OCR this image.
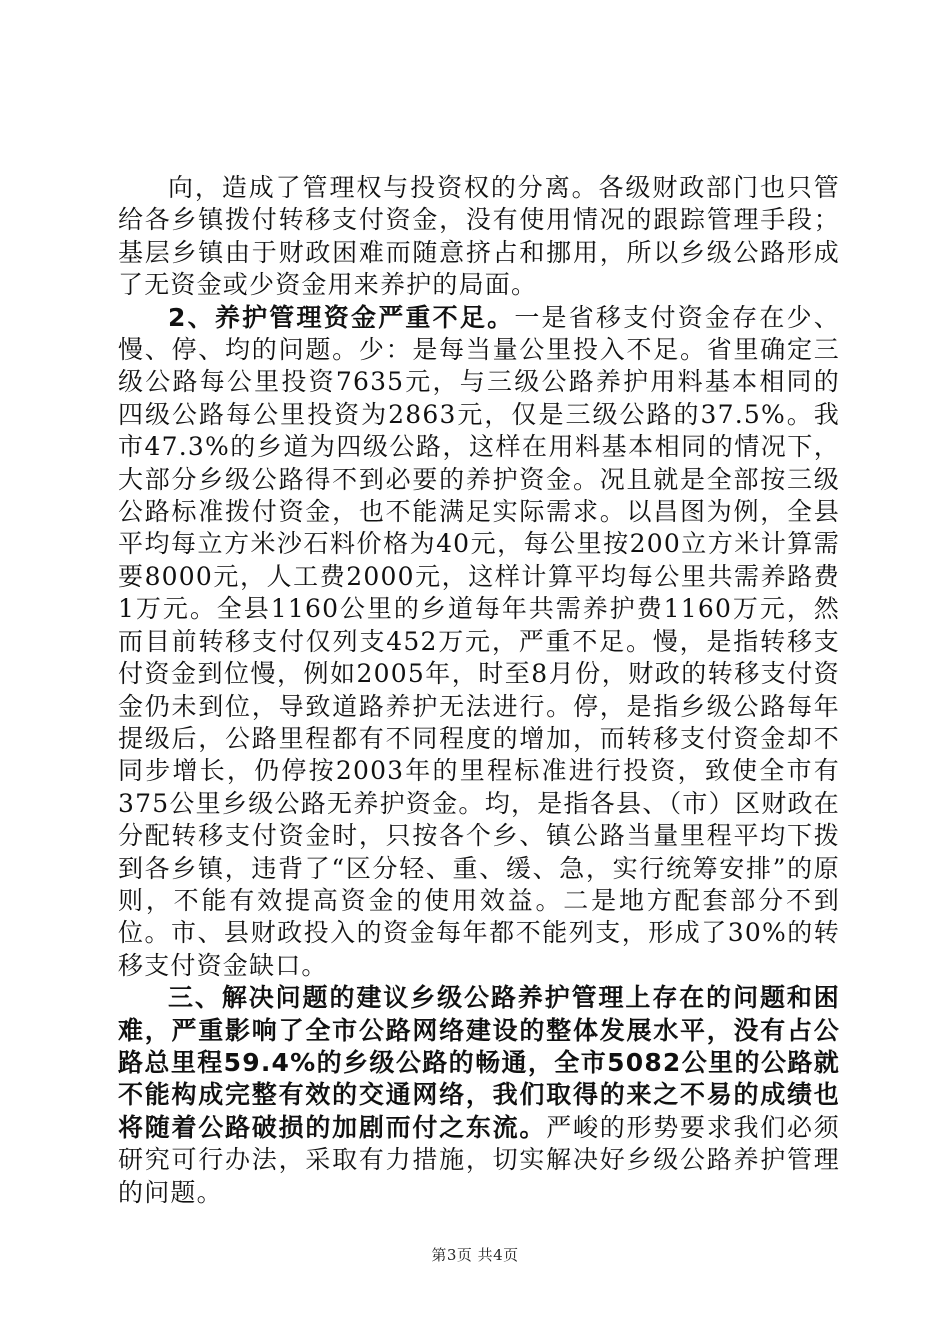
向，造成了管理权与投资权的分离。各级财政部门也只管给各乡镇拨付转移支付资金，没有使用情况的跟踪管理手段；基层乡镇由于财政困难而随意挤占和挪用，所以乡级公路形成了无资金或少资金用来养护的局面。

2、养护管理资金严重不足。一是省移支付资金存在少、慢、停、均的问题。少：是每当量公里投入不足。省里确定三级公路每公里投资7635元，与三级公路养护用料基本相同的四级公路每公里投资为2863元，仅是三级公路的37.5%。我市47.3%的乡道为四级公路，这样在用料基本相同的情况下，大部分乡级公路得不到必要的养护资金。况且就是全部按三级公路标准拨付资金，也不能满足实际需求。以昌图为例，全县平均每立方米沙石料价格为40元，每公里按200立方米计算需要8000元，人工费2000元，这样计算平均每公里共需养路费1万元。全县1160公里的乡道每年共需养护费1160万元，然而目前转移支付仅列支452万元，严重不足。慢，是指转移支付资金到位慢，例如2005年，时至8月份，财政的转移支付资金仍未到位，导致道路养护无法进行。停，是指乡级公路每年提级后，公路里程都有不同程度的增加，而转移支付资金却不同步增长，仍停按2003年的里程标准进行投资，致使全市有375公里乡级公路无养护资金。均，是指各县、（市）区财政在分配转移支付资金时，只按各个乡、镇公路当量里程平均下拨到各乡镇，违背了“区分轻、重、缓、急，实行统筹安排”的原则，不能有效提高资金的使用效益。二是地方配套部分不到位。市、县财政投入的资金每年都不能列支，形成了30%的转移支付资金缺口。

三、解决问题的建议乡级公路养护管理上存在的问题和困难，严重影响了全市公路网络建设的整体发展水平，没有占公路总里程59.4%的乡级公路的畅通，全市5082公里的公路就不能构成完整有效的交通网络，我们取得的来之不易的成绩也将随着公路破损的加剧而付之东流。严峻的形势要求我们必须研究可行办法，采取有力措施，切实解决好乡级公路养护管理的问题。

第3页 共4页
